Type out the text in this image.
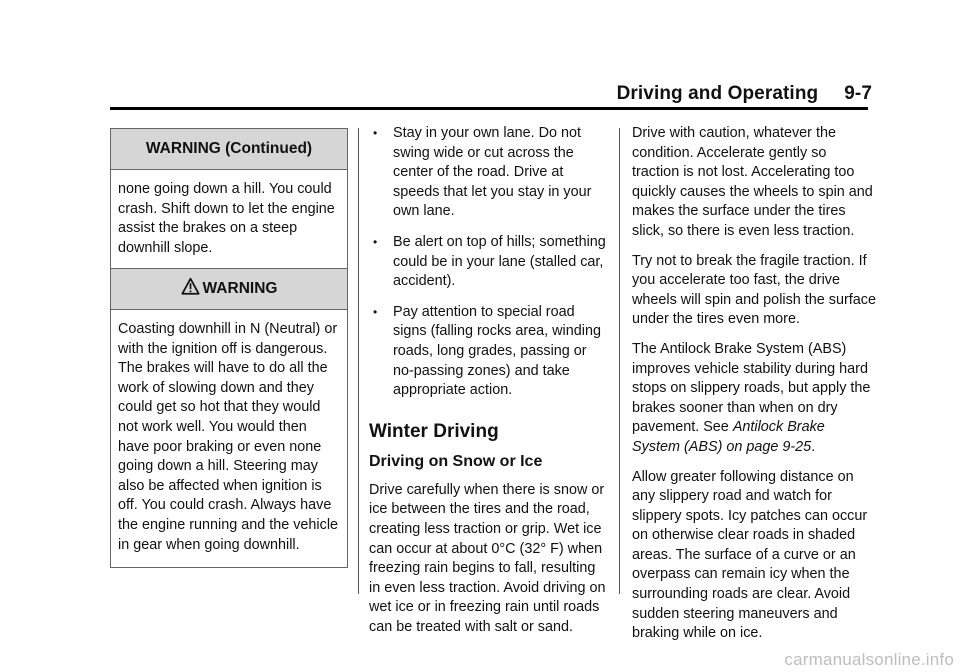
Driving and Operating 9-7
WARNING (Continued)
none going down a hill. You could crash. Shift down to let the engine assist the brakes on a steep downhill slope.
WARNING
Coasting downhill in N (Neutral) or with the ignition off is dangerous. The brakes will have to do all the work of slowing down and they could get so hot that they would not work well. You would then have poor braking or even none going down a hill. Steering may also be affected when ignition is off. You could crash. Always have the engine running and the vehicle in gear when going downhill.
• Stay in your own lane. Do not swing wide or cut across the center of the road. Drive at speeds that let you stay in your own lane.
• Be alert on top of hills; something could be in your lane (stalled car, accident).
• Pay attention to special road signs (falling rocks area, winding roads, long grades, passing or no-passing zones) and take appropriate action.
Winter Driving
Driving on Snow or Ice
Drive carefully when there is snow or ice between the tires and the road, creating less traction or grip. Wet ice can occur at about 0°C (32° F) when freezing rain begins to fall, resulting in even less traction. Avoid driving on wet ice or in freezing rain until roads can be treated with salt or sand.
Drive with caution, whatever the condition. Accelerate gently so traction is not lost. Accelerating too quickly causes the wheels to spin and makes the surface under the tires slick, so there is even less traction.
Try not to break the fragile traction. If you accelerate too fast, the drive wheels will spin and polish the surface under the tires even more.
The Antilock Brake System (ABS) improves vehicle stability during hard stops on slippery roads, but apply the brakes sooner than when on dry pavement. See Antilock Brake System (ABS) on page 9-25.
Allow greater following distance on any slippery road and watch for slippery spots. Icy patches can occur on otherwise clear roads in shaded areas. The surface of a curve or an overpass can remain icy when the surrounding roads are clear. Avoid sudden steering maneuvers and braking while on ice.
carmanualsonline.info
